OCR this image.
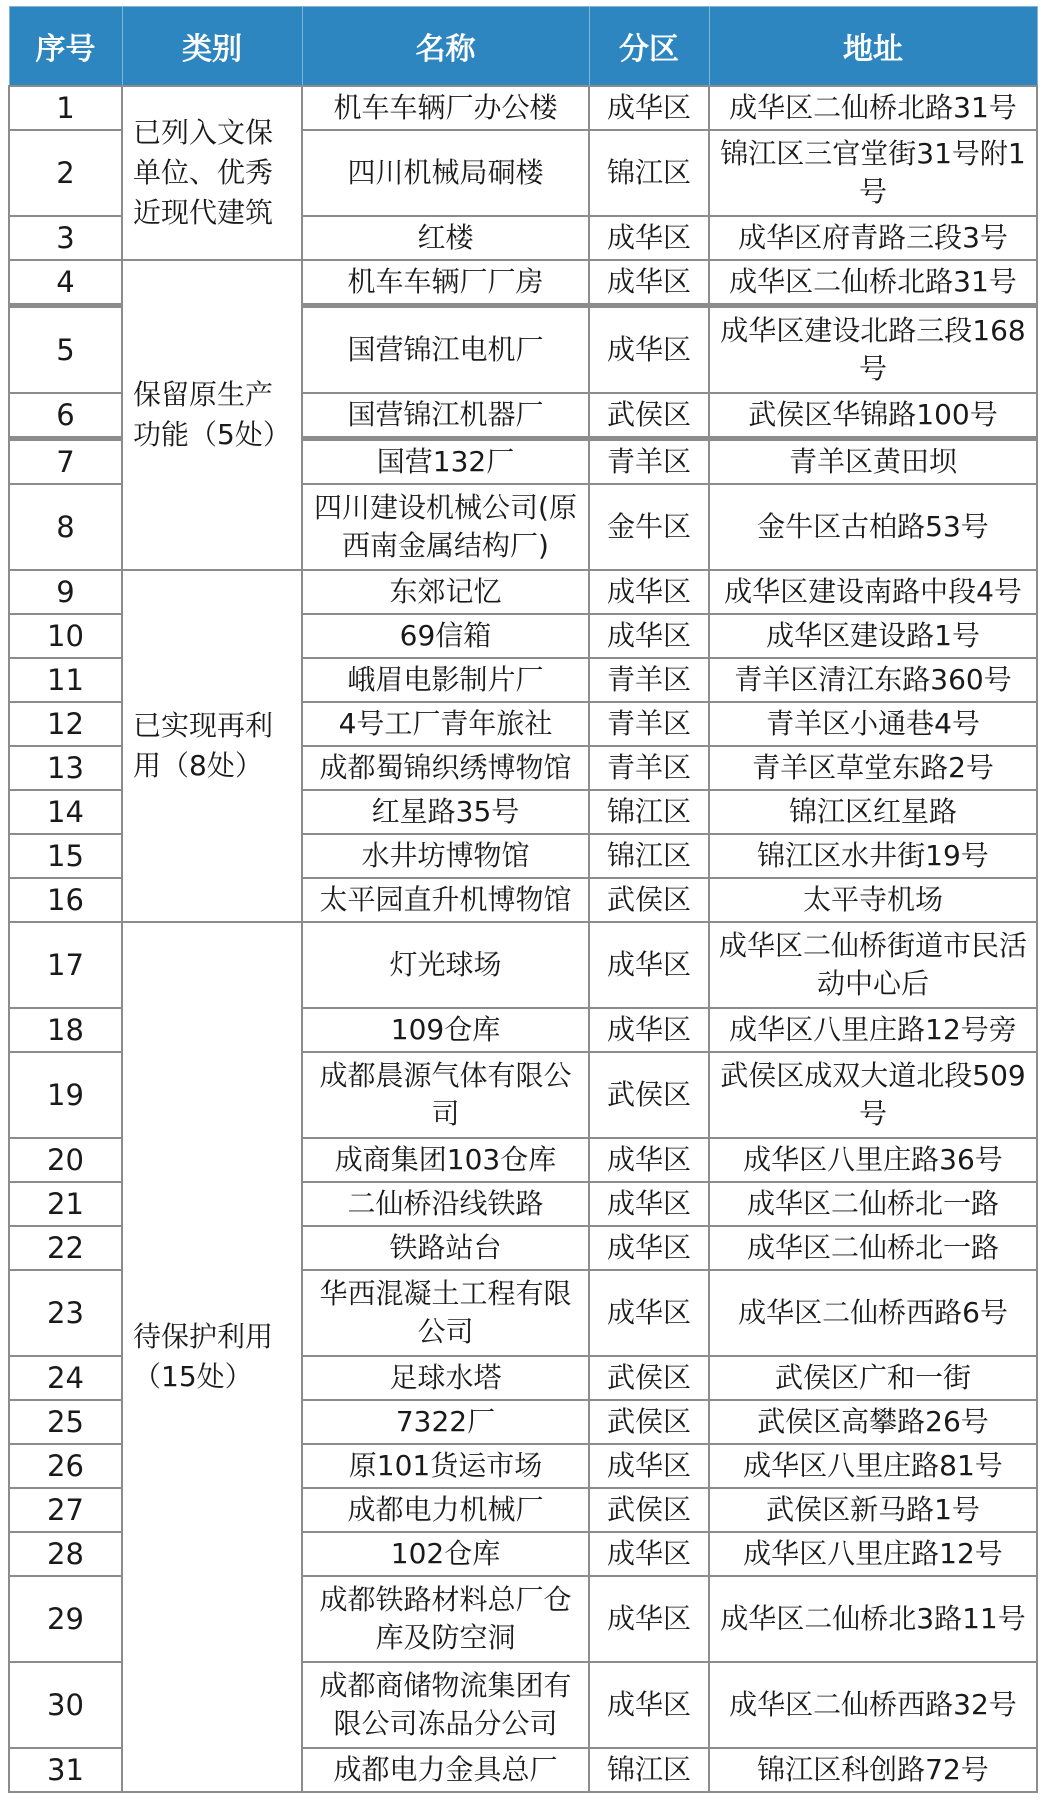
序号	类别	名称	分区	地址
1	已列入文保单位、优秀近现代建筑	机车车辆厂办公楼	成华区	成华区二仙桥北路31号
2		四川机械局硐楼	锦江区	锦江区三官堂街31号附1号
3		红楼	成华区	成华区府青路三段3号
4	保留原生产功能（5处）	机车车辆厂厂房	成华区	成华区二仙桥北路31号
5		国营锦江电机厂	成华区	成华区建设北路三段168号
6		国营锦江机器厂	武侯区	武侯区华锦路100号
7		国营132厂	青羊区	青羊区黄田坝
8		四川建设机械公司(原西南金属结构厂)	金牛区	金牛区古柏路53号
9	已实现再利用（8处）	东郊记忆	成华区	成华区建设南路中段4号
10		69信箱	成华区	成华区建设路1号
11		峨眉电影制片厂	青羊区	青羊区清江东路360号
12		4号工厂青年旅社	青羊区	青羊区小通巷4号
13		成都蜀锦织绣博物馆	青羊区	青羊区草堂东路2号
14		红星路35号	锦江区	锦江区红星路
15		水井坊博物馆	锦江区	锦江区水井街19号
16		太平园直升机博物馆	武侯区	太平寺机场
17	待保护利用（15处）	灯光球场	成华区	成华区二仙桥街道市民活动中心后
18		109仓库	成华区	成华区八里庄路12号旁
19		成都晨源气体有限公司	武侯区	武侯区成双大道北段509号
20		成商集团103仓库	成华区	成华区八里庄路36号
21		二仙桥沿线铁路	成华区	成华区二仙桥北一路
22		铁路站台	成华区	成华区二仙桥北一路
23		华西混凝土工程有限公司	成华区	成华区二仙桥西路6号
24		足球水塔	武侯区	武侯区广和一街
25		7322厂	武侯区	武侯区高攀路26号
26		原101货运市场	成华区	成华区八里庄路81号
27		成都电力机械厂	武侯区	武侯区新马路1号
28		102仓库	成华区	成华区八里庄路12号
29		成都铁路材料总厂仓库及防空洞	成华区	成华区二仙桥北3路11号
30		成都商储物流集团有限公司冻品分公司	成华区	成华区二仙桥西路32号
31		成都电力金具总厂	锦江区	锦江区科创路72号
